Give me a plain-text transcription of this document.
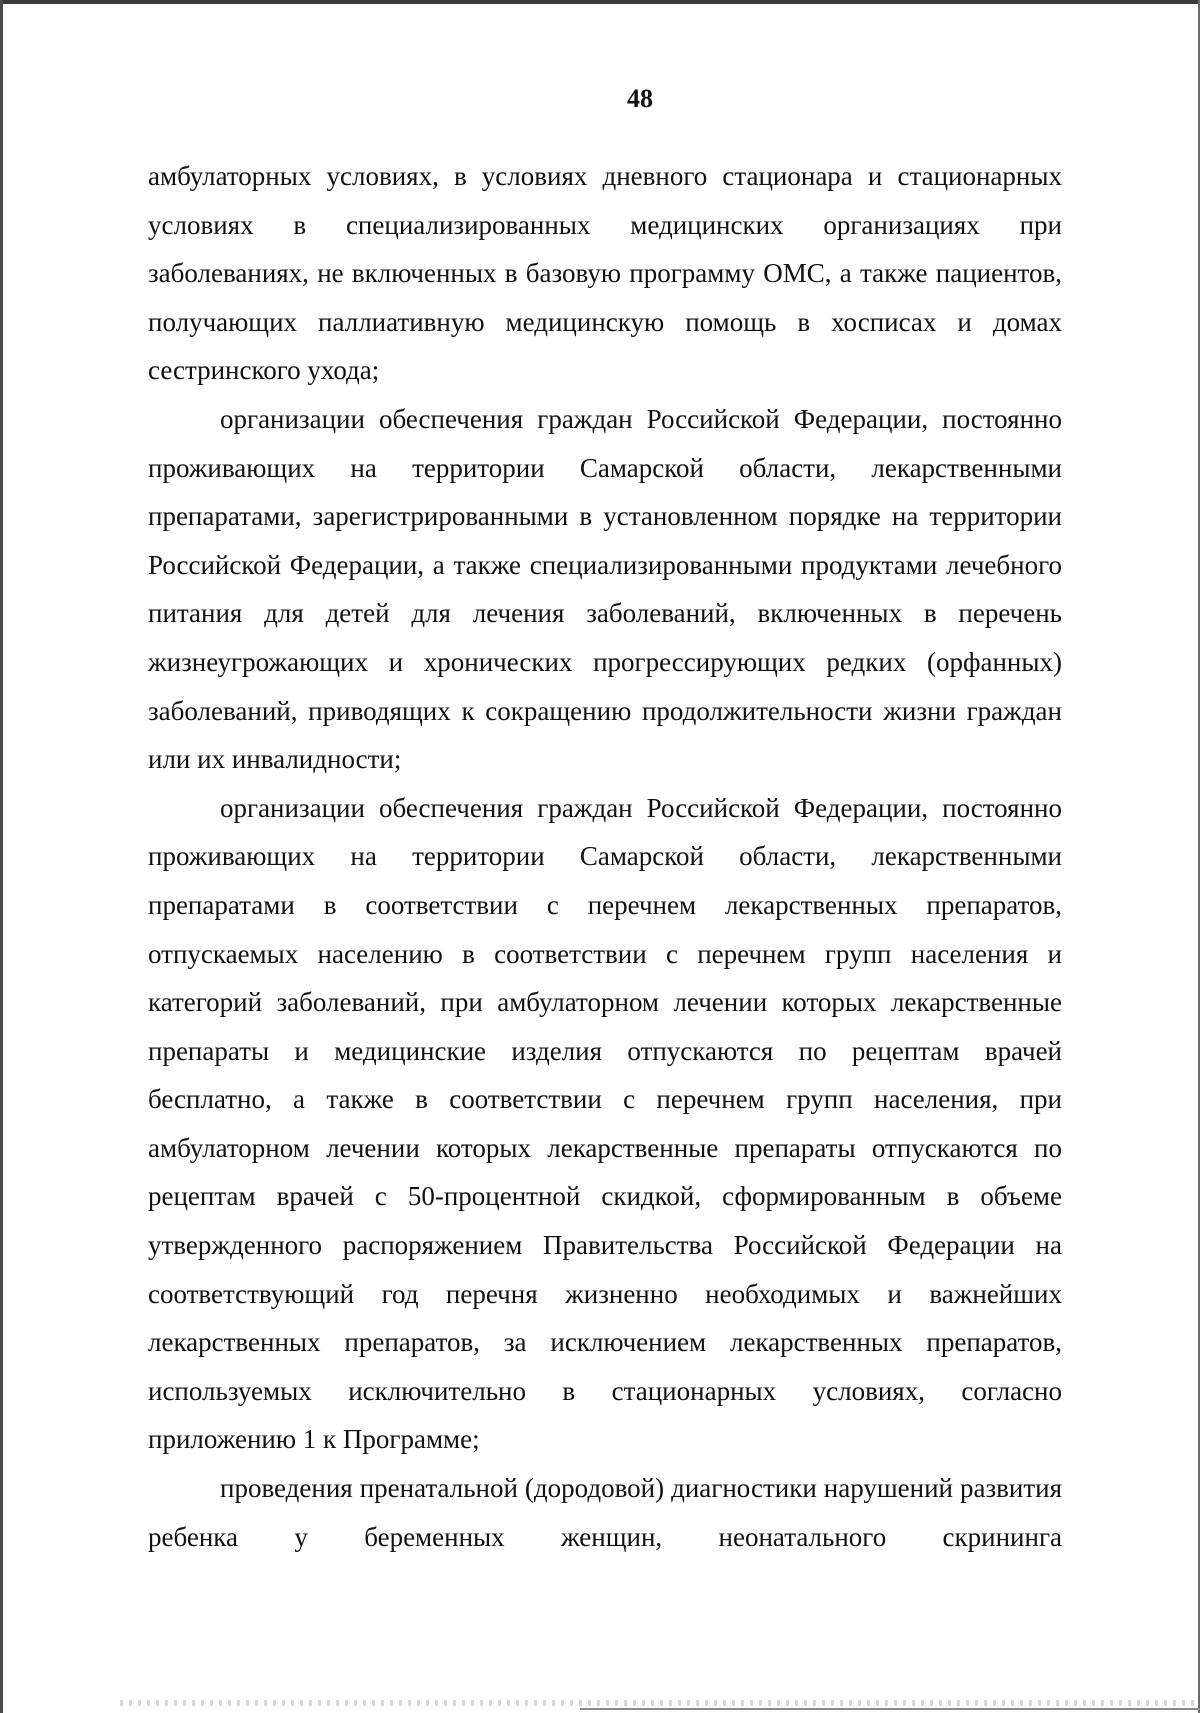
48

амбулаторных условиях, в условиях дневного стационара и стационарных условиях в специализированных медицинских организациях при заболеваниях, не включенных в базовую программу ОМС, а также пациентов, получающих паллиативную медицинскую помощь в хосписах и домах сестринского ухода;

организации обеспечения граждан Российской Федерации, постоянно проживающих на территории Самарской области, лекарственными препаратами, зарегистрированными в установленном порядке на территории Российской Федерации, а также специализированными продуктами лечебного питания для детей для лечения заболеваний, включенных в перечень жизнеугрожающих и хронических прогрессирующих редких (орфанных) заболеваний, приводящих к сокращению продолжительности жизни граждан или их инвалидности;

организации обеспечения граждан Российской Федерации, постоянно проживающих на территории Самарской области, лекарственными препаратами в соответствии с перечнем лекарственных препаратов, отпускаемых населению в соответствии с перечнем групп населения и категорий заболеваний, при амбулаторном лечении которых лекарственные препараты и медицинские изделия отпускаются по рецептам врачей бесплатно, а также в соответствии с перечнем групп населения, при амбулаторном лечении которых лекарственные препараты отпускаются по рецептам врачей с 50-процентной скидкой, сформированным в объеме утвержденного распоряжением Правительства Российской Федерации на соответствующий год перечня жизненно необходимых и важнейших лекарственных препаратов, за исключением лекарственных препаратов, используемых исключительно в стационарных условиях, согласно приложению 1 к Программе;

проведения пренатальной (дородовой) диагностики нарушений развития ребенка у беременных женщин, неонатального скрининга
